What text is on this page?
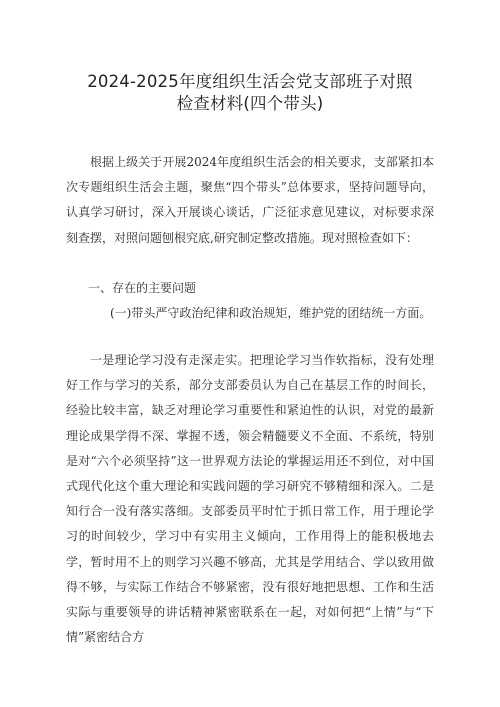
2024-2025年度组织生活会党支部班子对照
检查材料(四个带头)

根据上级关于开展2024年度组织生活会的相关要求，支部紧扣本次专题组织生活会主题，聚焦“四个带头”总体要求，坚持问题导向，认真学习研讨，深入开展谈心谈话，广泛征求意见建议，对标要求深刻查摆，对照问题刨根究底,研究制定整改措施。现对照检查如下：

一、存在的主要问题

(一)带头严守政治纪律和政治规矩，维护党的团结统一方面。

一是理论学习没有走深走实。把理论学习当作软指标，没有处理好工作与学习的关系，部分支部委员认为自己在基层工作的时间长，经验比较丰富，缺乏对理论学习重要性和紧迫性的认识，对党的最新理论成果学得不深、掌握不透，领会精髓要义不全面、不系统，特别是对“六个必须坚持”这一世界观方法论的掌握运用还不到位，对中国式现代化这个重大理论和实践问题的学习研究不够精细和深入。二是知行合一没有落实落细。支部委员平时忙于抓日常工作，用于理论学习的时间较少，学习中有实用主义倾向，工作用得上的能积极地去学，暂时用不上的则学习兴趣不够高，尤其是学用结合、学以致用做得不够，与实际工作结合不够紧密，没有很好地把思想、工作和生活实际与重要领导的讲话精神紧密联系在一起，对如何把“上情”与“下情”紧密结合方
